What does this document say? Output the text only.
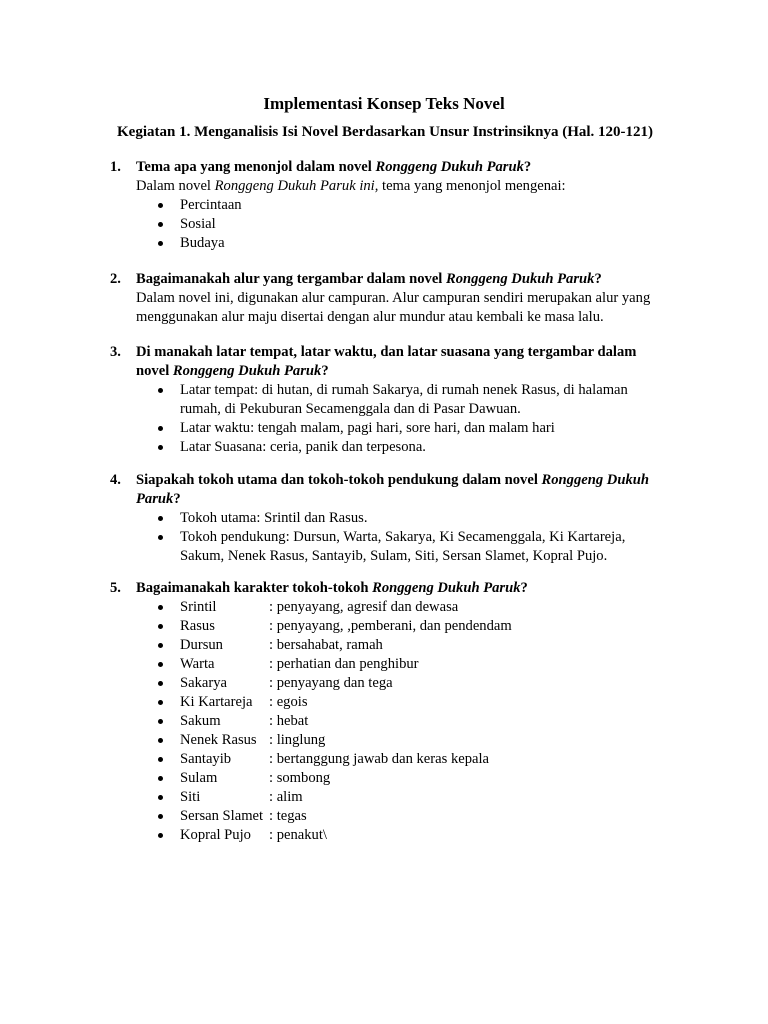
Implementasi Konsep Teks Novel
Kegiatan 1. Menganalisis Isi Novel Berdasarkan Unsur Instrinsiknya (Hal. 120-121)
1.	Tema apa yang menonjol dalam novel Ronggeng Dukuh Paruk?
Dalam novel Ronggeng Dukuh Paruk ini, tema yang menonjol mengenai:
Percintaan
Sosial
Budaya
2.	Bagaimanakah alur yang tergambar dalam novel Ronggeng Dukuh Paruk?
Dalam novel ini, digunakan alur campuran. Alur campuran sendiri merupakan alur yang
menggunakan alur maju disertai dengan alur mundur atau kembali ke masa lalu.
3.	Di manakah latar tempat, latar waktu, dan latar suasana yang tergambar dalam
novel Ronggeng Dukuh Paruk?
Latar tempat: di hutan, di rumah Sakarya, di rumah nenek Rasus, di halaman
rumah, di Pekuburan Secamenggala dan di Pasar Dawuan.
Latar waktu: tengah malam, pagi hari, sore hari, dan malam hari
Latar Suasana: ceria, panik dan terpesona.
4.	Siapakah tokoh utama dan tokoh-tokoh pendukung dalam novel Ronggeng Dukuh
Paruk?
Tokoh utama: Srintil dan Rasus.
Tokoh pendukung: Dursun, Warta, Sakarya, Ki Secamenggala, Ki Kartareja,
Sakum, Nenek Rasus, Santayib, Sulam, Siti, Sersan Slamet, Kopral Pujo.
5.	Bagaimanakah karakter tokoh-tokoh Ronggeng Dukuh Paruk?
Srintil	: penyayang, agresif dan dewasa
Rasus	: penyayang, ,pemberani, dan pendendam
Dursun	: bersahabat, ramah
Warta	: perhatian dan penghibur
Sakarya	: penyayang dan tega
Ki Kartareja : egois
Sakum	: hebat
Nenek Rasus : linglung
Santayib	: bertanggung jawab dan keras kepala
Sulam	: sombong
Siti	: alim
Sersan Slamet : tegas
Kopral Pujo : penakut\
